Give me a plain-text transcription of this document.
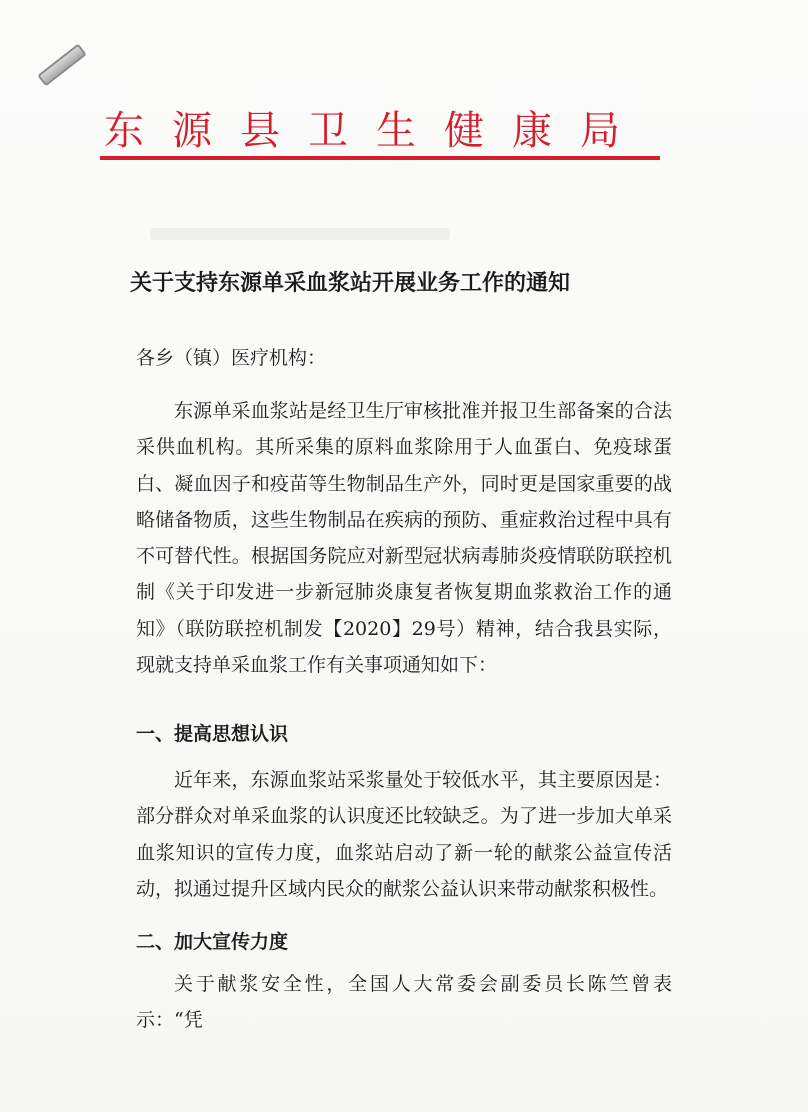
东源县卫生健康局
关于支持东源单采血浆站开展业务工作的通知
各乡（镇）医疗机构：

东源单采血浆站是经卫生厅审核批准并报卫生部备案的合法采供血机构。其所采集的原料血浆除用于人血蛋白、免疫球蛋白、凝血因子和疫苗等生物制品生产外，同时更是国家重要的战略储备物质，这些生物制品在疾病的预防、重症救治过程中具有不可替代性。根据国务院应对新型冠状病毒肺炎疫情联防联控机制《关于印发进一步新冠肺炎康复者恢复期血浆救治工作的通知》（联防联控机制发【2020】29号）精神，结合我县实际，现就支持单采血浆工作有关事项通知如下：

一、提高思想认识

近年来，东源血浆站采浆量处于较低水平，其主要原因是：部分群众对单采血浆的认识度还比较缺乏。为了进一步加大单采血浆知识的宣传力度，血浆站启动了新一轮的献浆公益宣传活动，拟通过提升区域内民众的献浆公益认识来带动献浆积极性。

二、加大宣传力度

关于献浆安全性，全国人大常委会副委员长陈竺曾表示：“凭
